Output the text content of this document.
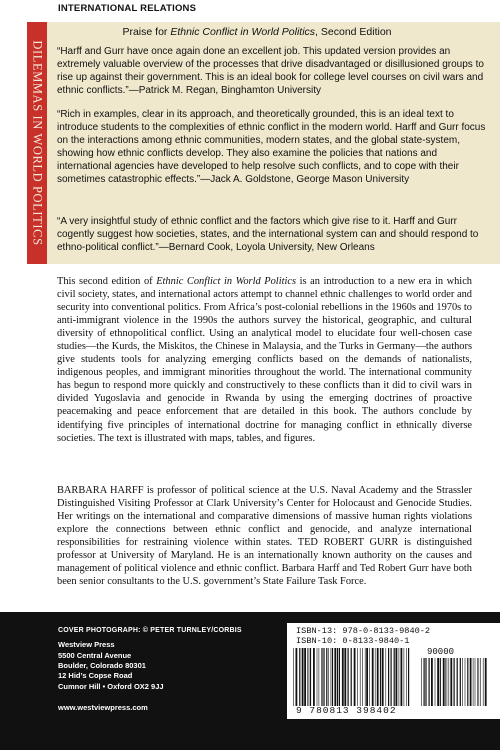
INTERNATIONAL RELATIONS
DILEMMAS IN WORLD POLITICS
Praise for Ethnic Conflict in World Politics, Second Edition

“Harff and Gurr have once again done an excellent job. This updated version provides an extremely valuable overview of the processes that drive disadvantaged or disillusioned groups to rise up against their government. This is an ideal book for college level courses on civil wars and ethnic conflicts.”—Patrick M. Regan, Binghamton University

“Rich in examples, clear in its approach, and theoretically grounded, this is an ideal text to introduce students to the complexities of ethnic conflict in the modern world. Harff and Gurr focus on the interactions among ethnic communities, modern states, and the global state-system, showing how ethnic conflicts develop. They also examine the policies that nations and international agencies have developed to help resolve such conflicts, and to cope with their sometimes catastrophic effects.”—Jack A. Goldstone, George Mason University

“A very insightful study of ethnic conflict and the factors which give rise to it. Harff and Gurr cogently suggest how societies, states, and the international system can and should respond to ethno-political conflict.”—Bernard Cook, Loyola University, New Orleans

This second edition of Ethnic Conflict in World Politics is an introduction to a new era in which civil society, states, and international actors attempt to channel ethnic challenges to world order and security into conventional politics. From Africa’s post-colonial rebellions in the 1960s and 1970s to anti-immigrant violence in the 1990s the authors survey the historical, geographic, and cultural diversity of ethnopolitical conflict. Using an analytical model to elucidate four well-chosen case studies—the Kurds, the Miskitos, the Chinese in Malaysia, and the Turks in Germany—the authors give students tools for analyzing emerging conflicts based on the demands of nationalists, indigenous peoples, and immigrant minorities throughout the world. The international community has begun to respond more quickly and constructively to these conflicts than it did to civil wars in divided Yugoslavia and genocide in Rwanda by using the emerging doctrines of proactive peacemaking and peace enforcement that are detailed in this book. The authors conclude by identifying five principles of international doctrine for managing conflict in ethnically diverse societies. The text is illustrated with maps, tables, and figures.

BARBARA HARFF is professor of political science at the U.S. Naval Academy and the Strassler Distinguished Visiting Professor at Clark University’s Center for Holocaust and Genocide Studies. Her writings on the international and comparative dimensions of massive human rights violations explore the connections between ethnic conflict and genocide, and analyze international responsibilities for restraining violence within states. TED ROBERT GURR is distinguished professor at University of Maryland. He is an internationally known authority on the causes and management of political violence and ethnic conflict. Barbara Harff and Ted Robert Gurr have both been senior consultants to the U.S. government’s State Failure Task Force.

COVER PHOTOGRAPH: © PETER TURNLEY/CORBIS
Westview Press
5500 Central Avenue
Boulder, Colorado 80301
12 Hid’s Copse Road
Cumnor Hill • Oxford OX2 9JJ
www.westviewpress.com
ISBN-13: 978-0-8133-9840-2
ISBN-10: 0-8133-9840-1
90000
9 780813 398402
